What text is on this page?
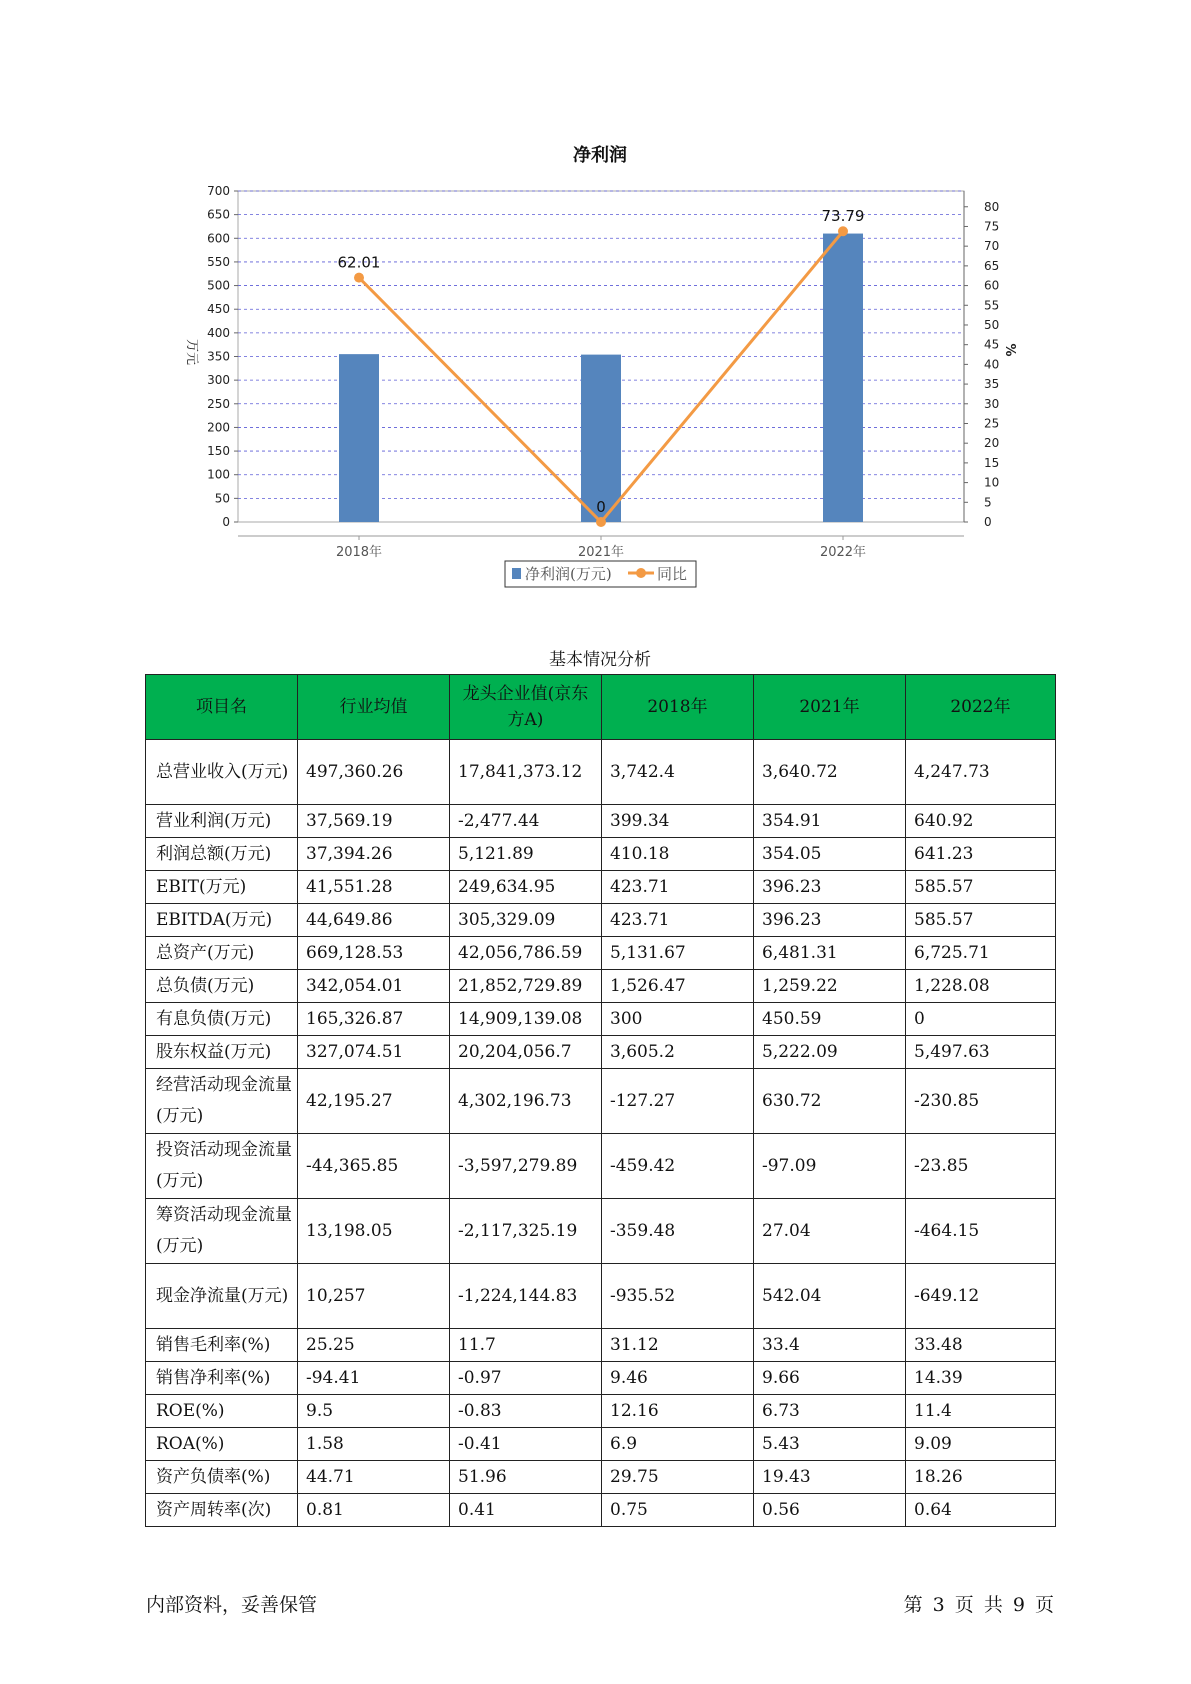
净利润
0
50
100
150
200
250
300
350
400
450
500
550
600
650
700
0
5
10
15
20
25
30
35
40
45
50
55
60
65
70
75
80
62.01
0
73.79
2018年	2021年	2022年
万元	%
净利润(万元)	同比
基本情况分析
项目名	行业均值	龙头企业值(京东方A)	2018年	2021年	2022年
总营业收入(万元)	497,360.26	17,841,373.12	3,742.4	3,640.72	4,247.73
营业利润(万元)	37,569.19	-2,477.44	399.34	354.91	640.92
利润总额(万元)	37,394.26	5,121.89	410.18	354.05	641.23
EBIT(万元)	41,551.28	249,634.95	423.71	396.23	585.57
EBITDA(万元)	44,649.86	305,329.09	423.71	396.23	585.57
总资产(万元)	669,128.53	42,056,786.59	5,131.67	6,481.31	6,725.71
总负债(万元)	342,054.01	21,852,729.89	1,526.47	1,259.22	1,228.08
有息负债(万元)	165,326.87	14,909,139.08	300	450.59	0
股东权益(万元)	327,074.51	20,204,056.7	3,605.2	5,222.09	5,497.63
经营活动现金流量(万元)	42,195.27	4,302,196.73	-127.27	630.72	-230.85
投资活动现金流量(万元)	-44,365.85	-3,597,279.89	-459.42	-97.09	-23.85
筹资活动现金流量(万元)	13,198.05	-2,117,325.19	-359.48	27.04	-464.15
现金净流量(万元)	10,257	-1,224,144.83	-935.52	542.04	-649.12
销售毛利率(%)	25.25	11.7	31.12	33.4	33.48
销售净利率(%)	-94.41	-0.97	9.46	9.66	14.39
ROE(%)	9.5	-0.83	12.16	6.73	11.4
ROA(%)	1.58	-0.41	6.9	5.43	9.09
资产负债率(%)	44.71	51.96	29.75	19.43	18.26
资产周转率(次)	0.81	0.41	0.75	0.56	0.64
内部资料，妥善保管	第 3 页 共 9 页
